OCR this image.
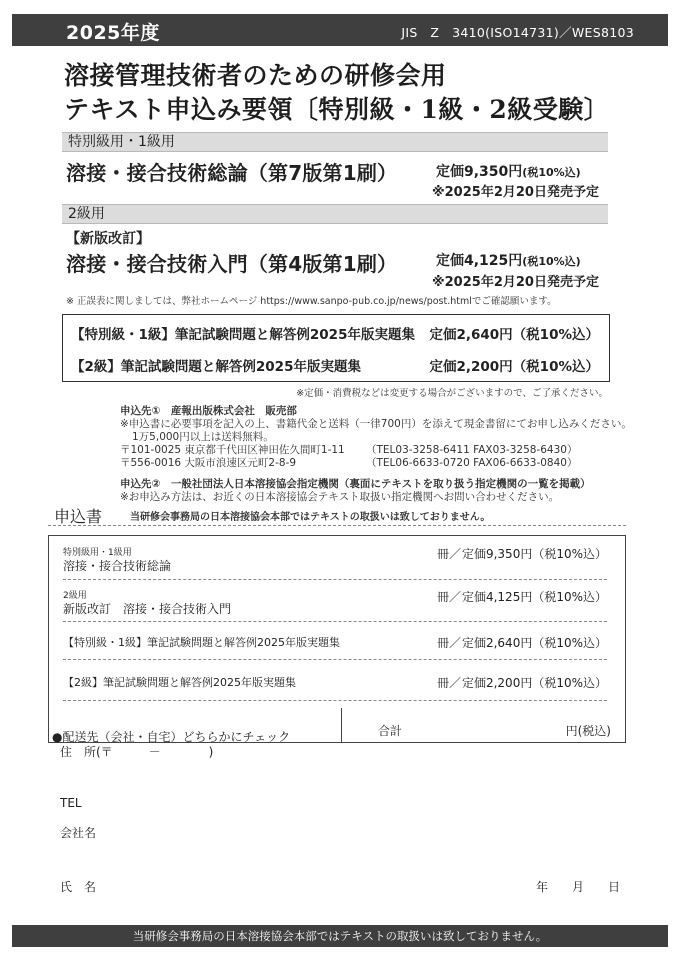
2025年度	JIS　Z　3410(ISO14731)／WES8103
溶接管理技術者のための研修会用
テキスト申込み要領〔特別級・1級・2級受験〕
特別級用・1級用
溶接・接合技術総論（第7版第1刷）	定価9,350円(税10%込)
※2025年2月20日発売予定
2級用
【新版改訂】
溶接・接合技術入門（第4版第1刷）	定価4,125円(税10%込)
※2025年2月20日発売予定
※ 正誤表に関しましては、弊社ホームページ https://www.sanpo-pub.co.jp/news/post.htmlでご確認願います。
【特別級・1級】筆記試験問題と解答例2025年版実題集 定価2,640円（税10%込）
【2級】筆記試験問題と解答例2025年版実題集	定価2,200円（税10%込）
※定価・消費税などは変更する場合がございますので、ご了承ください。
申込先①　産報出版株式会社　販売部
※申込書に必要事項を記入の上、書籍代金と送料（一律700円）を添えて現金書留にてお申し込みください。
1万5,000円以上は送料無料。
〒101-0025 東京都千代田区神田佐久間町1-11 （TEL03-3258-6411 FAX03-3258-6430）
〒556-0016 大阪市浪速区元町2-8-9	（TEL06-6633-0720 FAX06-6633-0840）
申込先②　一般社団法人日本溶接協会指定機関（裏面にテキストを取り扱う指定機関の一覧を掲載）
※お申込み方法は、お近くの日本溶接協会テキスト取扱い指定機関へお問い合わせください。
申込書	当研修会事務局の日本溶接協会本部ではテキストの取扱いは致しておりません。
特別級用・1級用
溶接・接合技術総論
冊／ 定価9,350円（税10%込）
2級用
新版改訂　溶接・接合技術入門
冊／ 定価4,125円（税10%込）
【特別級・1級】筆記試験問題と解答例2025年版実題集	冊／ 定価2,640円（税10%込）
【2級】筆記試験問題と解答例2025年版実題集	冊／ 定価2,200円（税10%込）
合計	円(税込)
●配送先（会社・自宅）どちらかにチェック
住　所(〒　　　－　　　　)
TEL
会社名
氏　名	年　　月　　日
当研修会事務局の日本溶接協会本部ではテキストの取扱いは致しておりません。
